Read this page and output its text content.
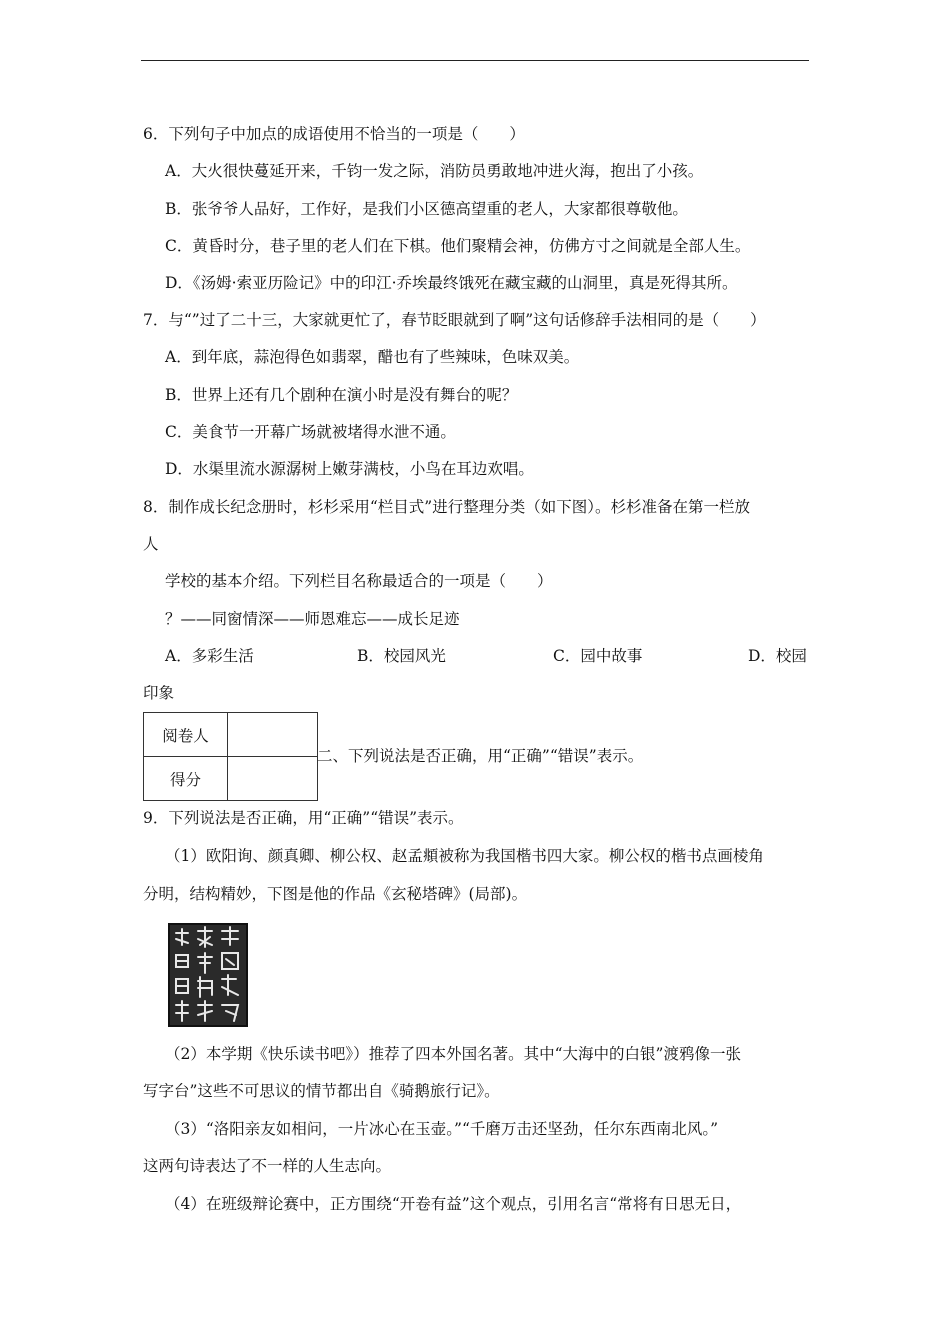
6．下列句子中加点的成语使用不恰当的一项是（　　）
A．大火很快蔓延开来，千钧一发之际，消防员勇敢地冲进火海，抱出了小孩。
B．张爷爷人品好，工作好，是我们小区德高望重的老人，大家都很尊敬他。
C．黄昏时分，巷子里的老人们在下棋。他们聚精会神，仿佛方寸之间就是全部人生。
D．《汤姆·索亚历险记》中的印江·乔埃最终饿死在藏宝藏的山洞里，真是死得其所。
7．与“”过了二十三，大家就更忙了，春节眨眼就到了啊”这句话修辞手法相同的是（　　）
A．到年底，蒜泡得色如翡翠，醋也有了些辣味，色味双美。
B．世界上还有几个剧种在演小时是没有舞台的呢？
C．美食节一开幕广场就被堵得水泄不通。
D．水渠里流水源潺树上嫩芽满枝，小鸟在耳边欢唱。
8．制作成长纪念册时，杉杉采用“栏目式”进行整理分类（如下图）。杉杉准备在第一栏放
人
学校的基本介绍。下列栏目名称最适合的一项是（　　）
？——同窗情深——师恩难忘——成长足迹
A．多彩生活	B．校园风光	C．园中故事	D．校园
印象
阅卷人	
得分	
二、下列说法是否正确，用“正确”“错误”表示。
9．下列说法是否正确，用“正确”“错误”表示。
（1）欧阳询、颜真卿、柳公权、赵孟頫被称为我国楷书四大家。柳公权的楷书点画棱角
分明，结构精妙，下图是他的作品《玄秘塔碑》(局部)。
（2）本学期《快乐读书吧》）推荐了四本外国名著。其中“大海中的白银”渡鸦像一张
写字台”这些不可思议的情节都出自《骑鹅旅行记》。
（3）“洛阳亲友如相问，一片冰心在玉壶。”“千磨万击还坚劲，任尔东西南北风。”
这两句诗表达了不一样的人生志向。
（4）在班级辩论赛中，正方围绕“开卷有益”这个观点，引用名言“常将有日思无日，
